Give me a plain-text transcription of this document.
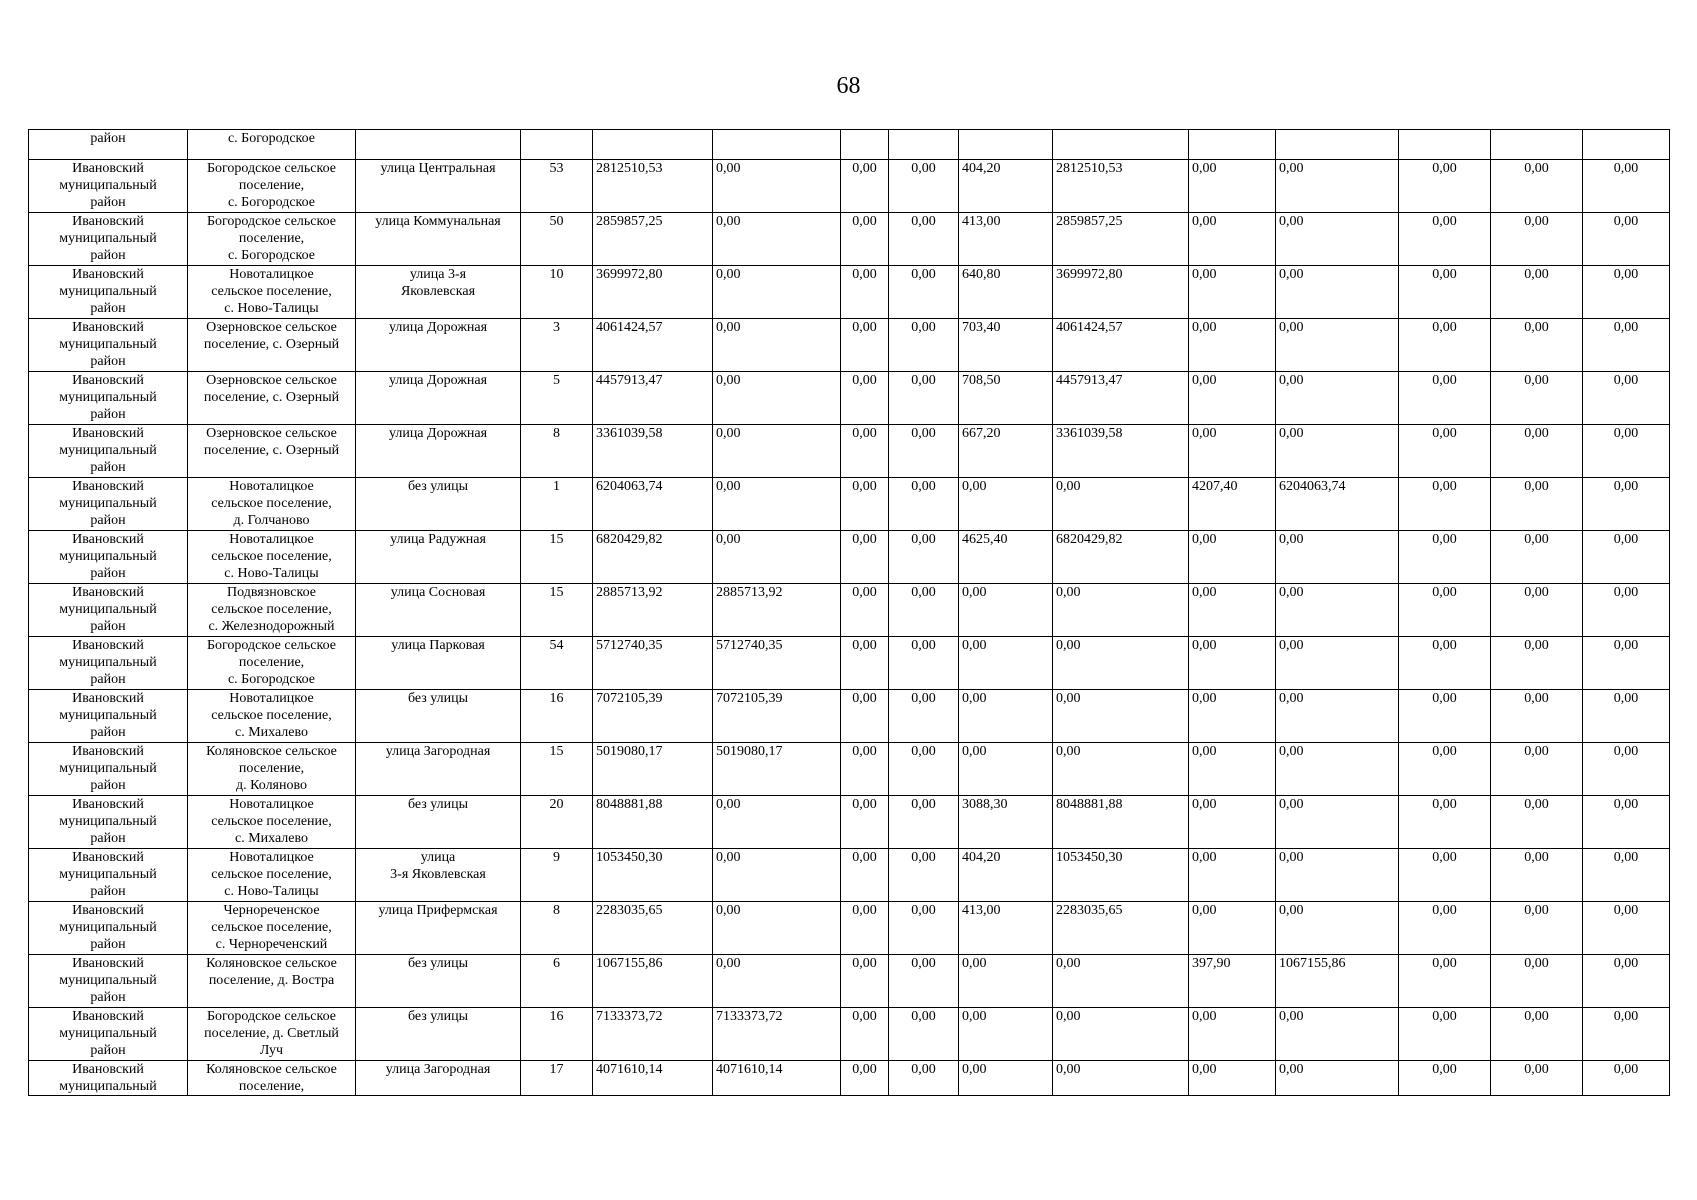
68
район	с. Богородское													

Ивановский
муниципальный
район	Богородское сельское
поселение,
с. Богородское	улица Центральная	53	2812510,53	0,00	0,00	0,00	404,20	2812510,53	0,00	0,00	0,00	0,00	0,00

Ивановский
муниципальный
район	Богородское сельское
поселение,
с. Богородское	улица Коммунальная	50	2859857,25	0,00	0,00	0,00	413,00	2859857,25	0,00	0,00	0,00	0,00	0,00

Ивановский
муниципальный
район	Новоталицкое
сельское поселение,
с. Ново-Талицы	улица 3-я
Яковлевская	10	3699972,80	0,00	0,00	0,00	640,80	3699972,80	0,00	0,00	0,00	0,00	0,00

Ивановский
муниципальный
район	Озерновское сельское
поселение, с. Озерный	улица Дорожная	3	4061424,57	0,00	0,00	0,00	703,40	4061424,57	0,00	0,00	0,00	0,00	0,00

Ивановский
муниципальный
район	Озерновское сельское
поселение, с. Озерный	улица Дорожная	5	4457913,47	0,00	0,00	0,00	708,50	4457913,47	0,00	0,00	0,00	0,00	0,00

Ивановский
муниципальный
район	Озерновское сельское
поселение, с. Озерный	улица Дорожная	8	3361039,58	0,00	0,00	0,00	667,20	3361039,58	0,00	0,00	0,00	0,00	0,00

Ивановский
муниципальный
район	Новоталицкое
сельское поселение,
д. Голчаново	без улицы	1	6204063,74	0,00	0,00	0,00	0,00	0,00	4207,40	6204063,74	0,00	0,00	0,00

Ивановский
муниципальный
район	Новоталицкое
сельское поселение,
с. Ново-Талицы	улица Радужная	15	6820429,82	0,00	0,00	0,00	4625,40	6820429,82	0,00	0,00	0,00	0,00	0,00

Ивановский
муниципальный
район	Подвязновское
сельское поселение,
с. Железнодорожный	улица Сосновая	15	2885713,92	2885713,92	0,00	0,00	0,00	0,00	0,00	0,00	0,00	0,00	0,00

Ивановский
муниципальный
район	Богородское сельское
поселение,
с. Богородское	улица Парковая	54	5712740,35	5712740,35	0,00	0,00	0,00	0,00	0,00	0,00	0,00	0,00	0,00

Ивановский
муниципальный
район	Новоталицкое
сельское поселение,
с. Михалево	без улицы	16	7072105,39	7072105,39	0,00	0,00	0,00	0,00	0,00	0,00	0,00	0,00	0,00

Ивановский
муниципальный
район	Коляновское сельское
поселение,
д. Коляново	улица Загородная	15	5019080,17	5019080,17	0,00	0,00	0,00	0,00	0,00	0,00	0,00	0,00	0,00

Ивановский
муниципальный
район	Новоталицкое
сельское поселение,
с. Михалево	без улицы	20	8048881,88	0,00	0,00	0,00	3088,30	8048881,88	0,00	0,00	0,00	0,00	0,00

Ивановский
муниципальный
район	Новоталицкое
сельское поселение,
с. Ново-Талицы	улица
3-я Яковлевская	9	1053450,30	0,00	0,00	0,00	404,20	1053450,30	0,00	0,00	0,00	0,00	0,00

Ивановский
муниципальный
район	Чернореченское
сельское поселение,
с. Чернореченский	улица Прифермская	8	2283035,65	0,00	0,00	0,00	413,00	2283035,65	0,00	0,00	0,00	0,00	0,00

Ивановский
муниципальный
район	Коляновское сельское
поселение, д. Востра	без улицы	6	1067155,86	0,00	0,00	0,00	0,00	0,00	397,90	1067155,86	0,00	0,00	0,00

Ивановский
муниципальный
район	Богородское сельское
поселение, д. Светлый
Луч	без улицы	16	7133373,72	7133373,72	0,00	0,00	0,00	0,00	0,00	0,00	0,00	0,00	0,00

Ивановский
муниципальный	Коляновское сельское
поселение,	улица Загородная	17	4071610,14	4071610,14	0,00	0,00	0,00	0,00	0,00	0,00	0,00	0,00	0,00
